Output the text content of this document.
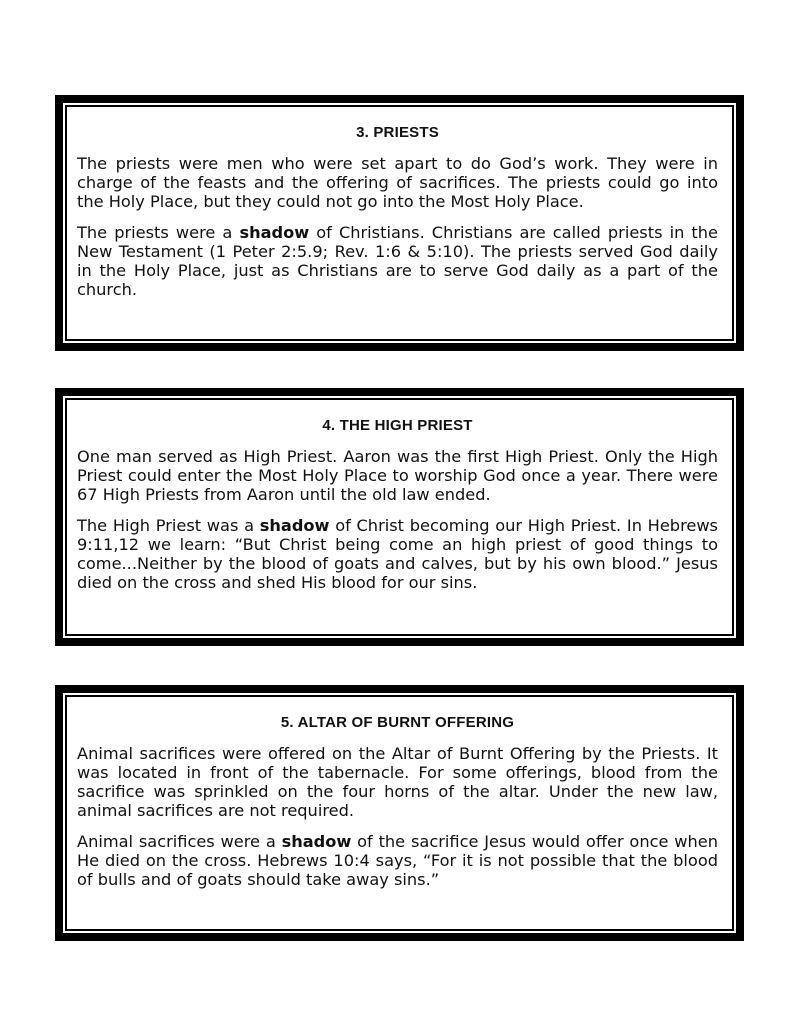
3. PRIESTS

The priests were men who were set apart to do God’s work. They were in charge of the feasts and the offering of sacrifices. The priests could go into the Holy Place, but they could not go into the Most Holy Place.

The priests were a shadow of Christians. Christians are called priests in the New Testament (1 Peter 2:5.9; Rev. 1:6 & 5:10). The priests served God daily in the Holy Place, just as Christians are to serve God daily as a part of the church.

4. THE HIGH PRIEST

One man served as High Priest. Aaron was the first High Priest. Only the High Priest could enter the Most Holy Place to worship God once a year. There were 67 High Priests from Aaron until the old law ended.

The High Priest was a shadow of Christ becoming our High Priest. In Hebrews 9:11,12 we learn: “But Christ being come an high priest of good things to come...Neither by the blood of goats and calves, but by his own blood.” Jesus died on the cross and shed His blood for our sins.

5. ALTAR OF BURNT OFFERING

Animal sacrifices were offered on the Altar of Burnt Offering by the Priests. It was located in front of the tabernacle. For some offerings, blood from the sacrifice was sprinkled on the four horns of the altar. Under the new law, animal sacrifices are not required.

Animal sacrifices were a shadow of the sacrifice Jesus would offer once when He died on the cross. Hebrews 10:4 says, “For it is not possible that the blood of bulls and of goats should take away sins.”
